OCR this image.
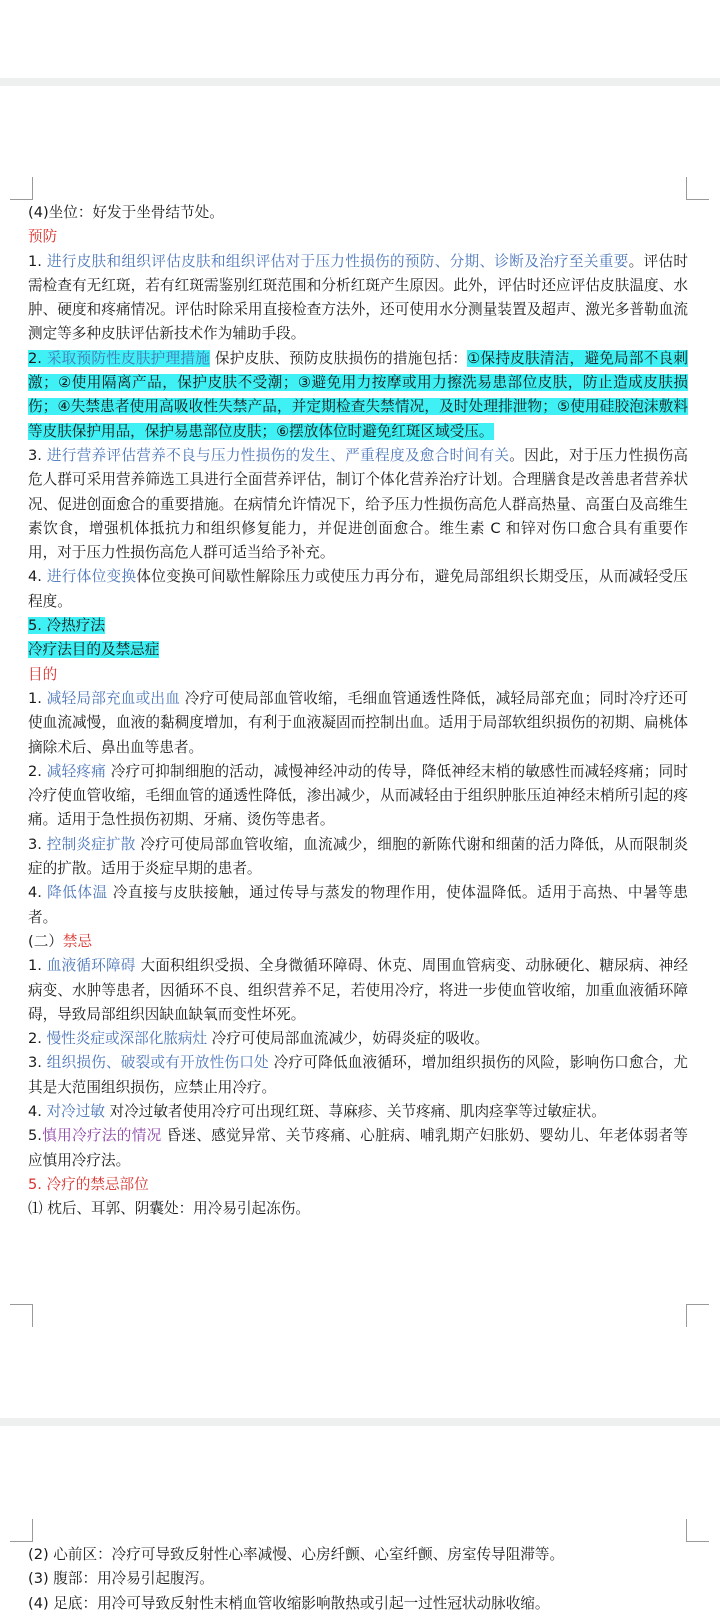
(4)坐位：好发于坐骨结节处。

预防

1. 进行皮肤和组织评估皮肤和组织评估对于压力性损伤的预防、分期、诊断及治疗至关重要。评估时需检查有无红斑，若有红斑需鉴别红斑范围和分析红斑产生原因。此外，评估时还应评估皮肤温度、水肿、硬度和疼痛情况。评估时除采用直接检查方法外，还可使用水分测量装置及超声、激光多普勒血流测定等多种皮肤评估新技术作为辅助手段。

2. 采取预防性皮肤护理措施 保护皮肤、预防皮肤损伤的措施包括：①保持皮肤清洁，避免局部不良刺激；②使用隔离产品，保护皮肤不受潮；③避免用力按摩或用力擦洗易患部位皮肤，防止造成皮肤损伤；④失禁患者使用高吸收性失禁产品，并定期检查失禁情况，及时处理排泄物；⑤使用硅胶泡沫敷料等皮肤保护用品，保护易患部位皮肤；⑥摆放体位时避免红斑区域受压。

3. 进行营养评估营养不良与压力性损伤的发生、严重程度及愈合时间有关。因此，对于压力性损伤高危人群可采用营养筛选工具进行全面营养评估，制订个体化营养治疗计划。合理膳食是改善患者营养状况、促进创面愈合的重要措施。在病情允许情况下，给予压力性损伤高危人群高热量、高蛋白及高维生素饮食，增强机体抵抗力和组织修复能力，并促进创面愈合。维生素 C 和锌对伤口愈合具有重要作用，对于压力性损伤高危人群可适当给予补充。

4. 进行体位变换体位变换可间歇性解除压力或使压力再分布，避免局部组织长期受压，从而减轻受压程度。

5. 冷热疗法

冷疗法目的及禁忌症

目的

1. 减轻局部充血或出血 冷疗可使局部血管收缩，毛细血管通透性降低，减轻局部充血；同时冷疗还可使血流减慢，血液的黏稠度增加，有利于血液凝固而控制出血。适用于局部软组织损伤的初期、扁桃体摘除术后、鼻出血等患者。

2. 减轻疼痛 冷疗可抑制细胞的活动，减慢神经冲动的传导，降低神经末梢的敏感性而减轻疼痛；同时冷疗使血管收缩，毛细血管的通透性降低，渗出减少，从而减轻由于组织肿胀压迫神经末梢所引起的疼痛。适用于急性损伤初期、牙痛、烫伤等患者。

3. 控制炎症扩散 冷疗可使局部血管收缩，血流减少，细胞的新陈代谢和细菌的活力降低，从而限制炎症的扩散。适用于炎症早期的患者。

4. 降低体温 冷直接与皮肤接触，通过传导与蒸发的物理作用，使体温降低。适用于高热、中暑等患者。

(二）禁忌

1. 血液循环障碍 大面积组织受损、全身微循环障碍、休克、周围血管病变、动脉硬化、糖尿病、神经病变、水肿等患者，因循环不良、组织营养不足，若使用冷疗，将进一步使血管收缩，加重血液循环障碍，导致局部组织因缺血缺氧而变性坏死。

2. 慢性炎症或深部化脓病灶 冷疗可使局部血流减少，妨碍炎症的吸收。

3. 组织损伤、破裂或有开放性伤口处 冷疗可降低血液循环，增加组织损伤的风险，影响伤口愈合，尤其是大范围组织损伤，应禁止用冷疗。

4. 对冷过敏 对冷过敏者使用冷疗可出现红斑、荨麻疹、关节疼痛、肌肉痉挛等过敏症状。

5.慎用冷疗法的情况 昏迷、感觉异常、关节疼痛、心脏病、哺乳期产妇胀奶、婴幼儿、年老体弱者等应慎用冷疗法。

5. 冷疗的禁忌部位

⑴ 枕后、耳郭、阴囊处：用冷易引起冻伤。

(2) 心前区：冷疗可导致反射性心率减慢、心房纤颤、心室纤颤、房室传导阻滞等。

(3) 腹部：用冷易引起腹泻。

(4) 足底：用冷可导致反射性末梢血管收缩影响散热或引起一过性冠状动脉收缩。
